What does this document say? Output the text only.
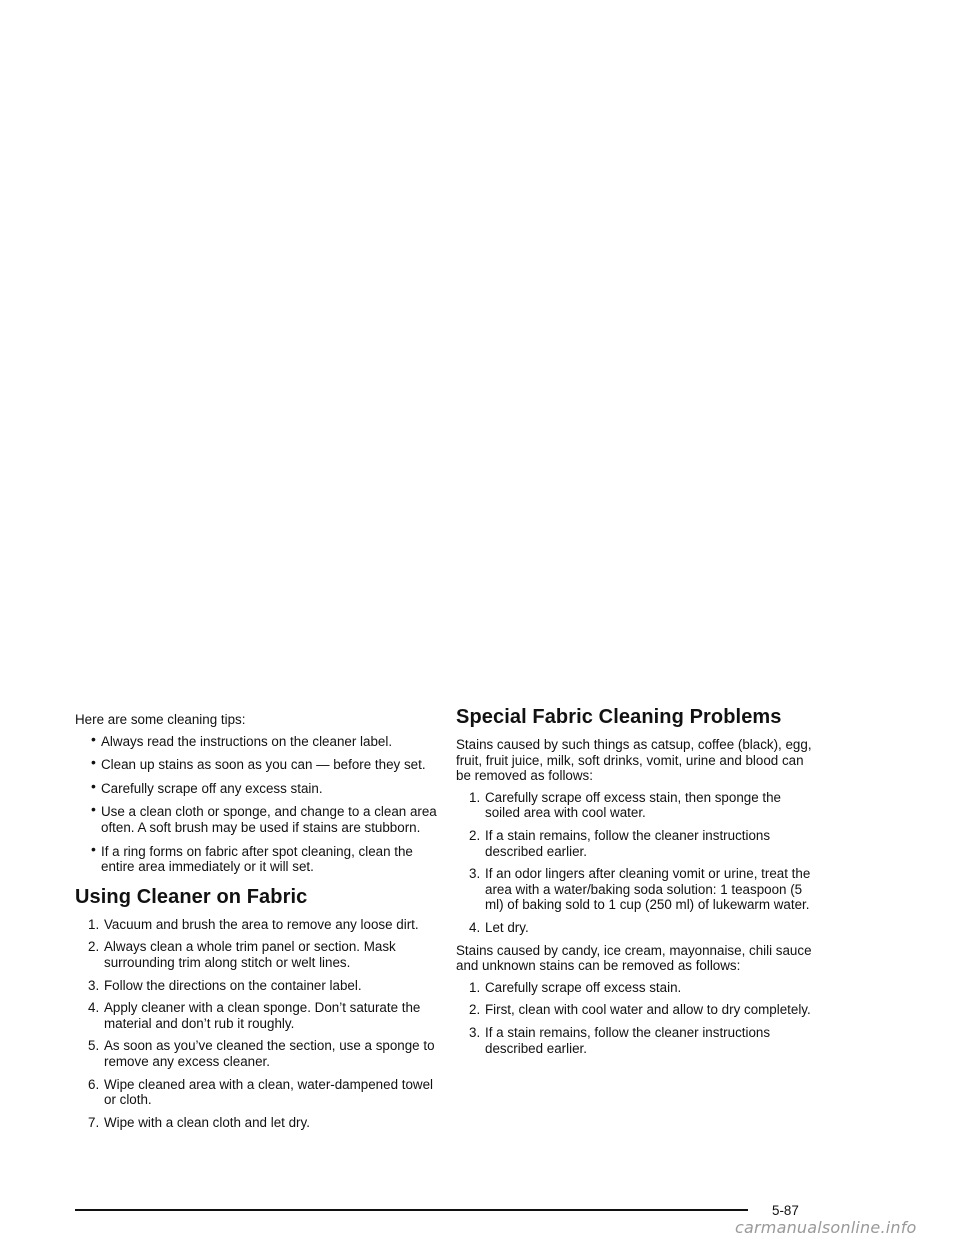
Here are some cleaning tips:

• Always read the instructions on the cleaner label.
• Clean up stains as soon as you can — before they set.
• Carefully scrape off any excess stain.
• Use a clean cloth or sponge, and change to a clean area often. A soft brush may be used if stains are stubborn.
• If a ring forms on fabric after spot cleaning, clean the entire area immediately or it will set.
Using Cleaner on Fabric
1. Vacuum and brush the area to remove any loose dirt.
2. Always clean a whole trim panel or section. Mask surrounding trim along stitch or welt lines.
3. Follow the directions on the container label.
4. Apply cleaner with a clean sponge. Don’t saturate the material and don’t rub it roughly.
5. As soon as you’ve cleaned the section, use a sponge to remove any excess cleaner.
6. Wipe cleaned area with a clean, water-dampened towel or cloth.
7. Wipe with a clean cloth and let dry.
Special Fabric Cleaning Problems

Stains caused by such things as catsup, coffee (black), egg, fruit, fruit juice, milk, soft drinks, vomit, urine and blood can be removed as follows:

1. Carefully scrape off excess stain, then sponge the soiled area with cool water.
2. If a stain remains, follow the cleaner instructions described earlier.
3. If an odor lingers after cleaning vomit or urine, treat the area with a water/baking soda solution: 1 teaspoon (5 ml) of baking sold to 1 cup (250 ml) of lukewarm water.
4. Let dry.

Stains caused by candy, ice cream, mayonnaise, chili sauce and unknown stains can be removed as follows:

1. Carefully scrape off excess stain.
2. First, clean with cool water and allow to dry completely.
3. If a stain remains, follow the cleaner instructions described earlier.
5-87
carmanualsonline.info
